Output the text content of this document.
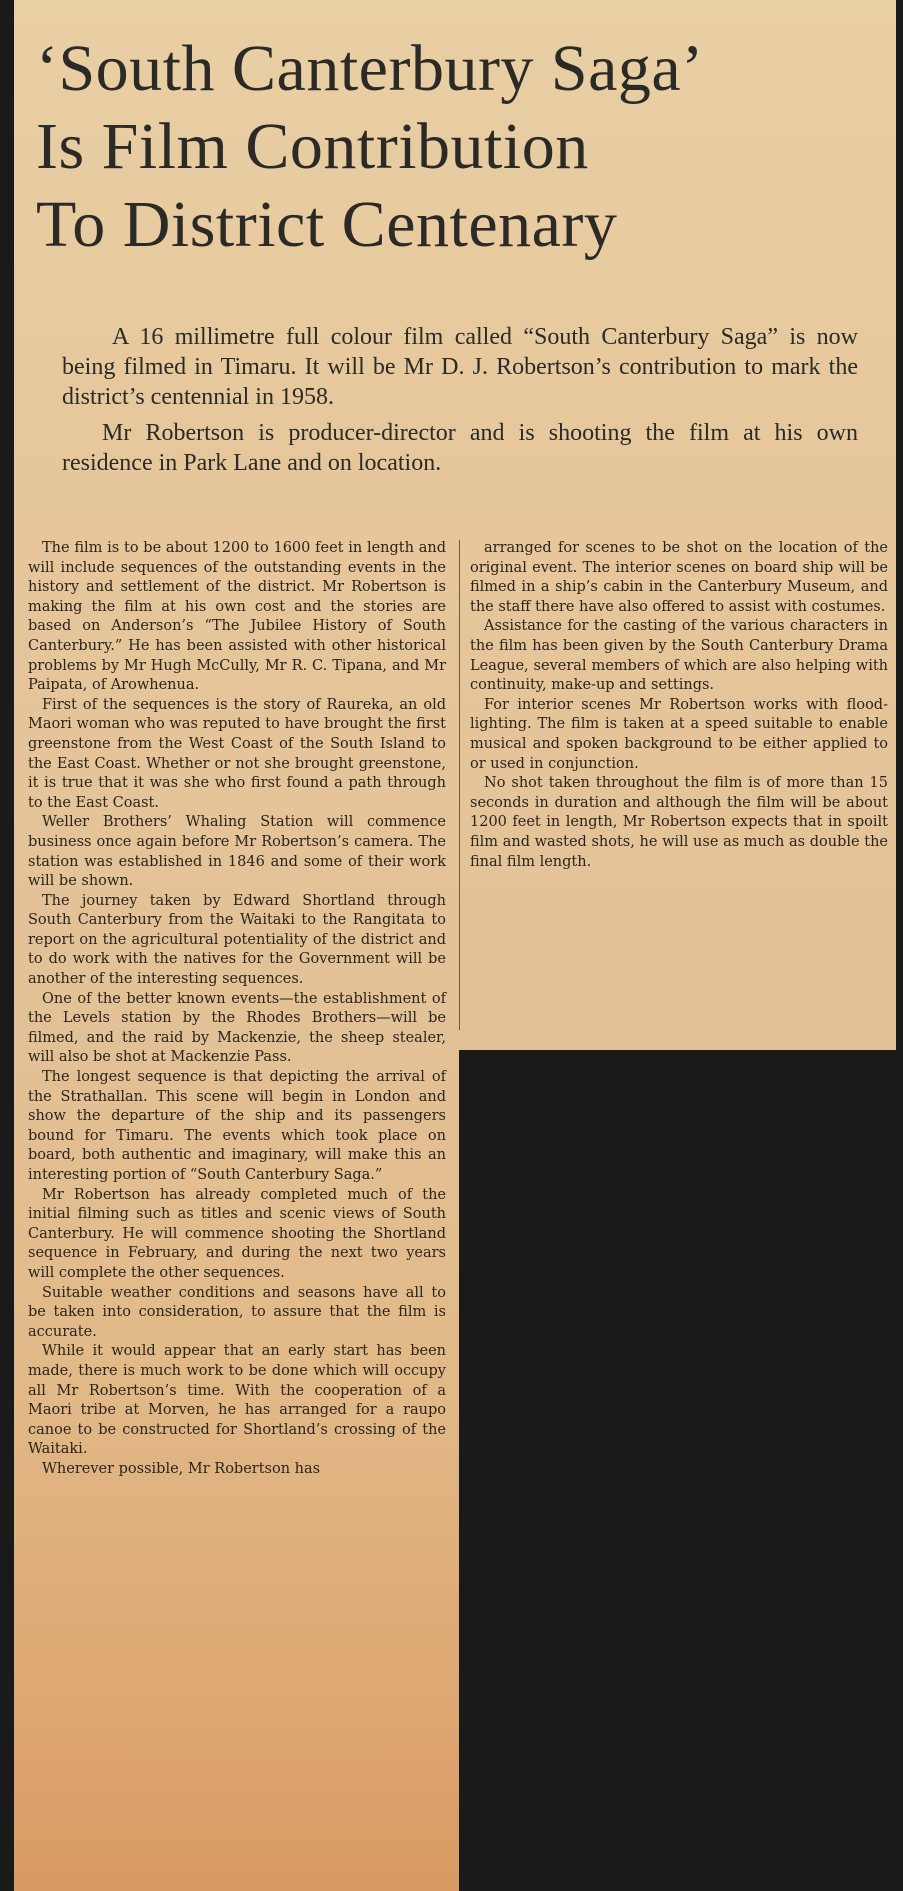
‘South Canterbury Saga’
Is Film Contribution
To District Centenary

A 16 millimetre full colour film called “South Canterbury Saga” is now being filmed in Timaru. It will be Mr D. J. Robertson’s contribution to mark the district’s centennial in 1958.

Mr Robertson is producer-director and is shooting the film at his own residence in Park Lane and on location.

The film is to be about 1200 to 1600 feet in length and will include sequences of the outstanding events in the history and settlement of the district. Mr Robertson is making the film at his own cost and the stories are based on Anderson’s “The Jubilee History of South Canterbury.” He has been assisted with other historical problems by Mr Hugh McCully, Mr R. C. Tipana, and Mr Paipata, of Arowhenua.

First of the sequences is the story of Raureka, an old Maori woman who was reputed to have brought the first greenstone from the West Coast of the South Island to the East Coast. Whether or not she brought greenstone, it is true that it was she who first found a path through to the East Coast.

Weller Brothers’ Whaling Station will commence business once again before Mr Robertson’s camera. The station was established in 1846 and some of their work will be shown.

The journey taken by Edward Shortland through South Canterbury from the Waitaki to the Rangitata to report on the agricultural potentiality of the district and to do work with the natives for the Government will be another of the interesting sequences.

One of the better known events—the establishment of the Levels station by the Rhodes Brothers—will be filmed, and the raid by Mackenzie, the sheep stealer, will also be shot at Mackenzie Pass.

The longest sequence is that depicting the arrival of the Strathallan. This scene will begin in London and show the departure of the ship and its passengers bound for Timaru. The events which took place on board, both authentic and imaginary, will make this an interesting portion of “South Canterbury Saga.”

Mr Robertson has already completed much of the initial filming such as titles and scenic views of South Canterbury. He will commence shooting the Shortland sequence in February, and during the next two years will complete the other sequences.

Suitable weather conditions and seasons have all to be taken into consideration, to assure that the film is accurate.

While it would appear that an early start has been made, there is much work to be done which will occupy all Mr Robertson’s time. With the cooperation of a Maori tribe at Morven, he has arranged for a raupo canoe to be constructed for Shortland’s crossing of the Waitaki.

Wherever possible, Mr Robertson has

arranged for scenes to be shot on the location of the original event. The interior scenes on board ship will be filmed in a ship’s cabin in the Canterbury Museum, and the staff there have also offered to assist with costumes.

Assistance for the casting of the various characters in the film has been given by the South Canterbury Drama League, several members of which are also helping with continuity, make-up and settings.

For interior scenes Mr Robertson works with flood-lighting. The film is taken at a speed suitable to enable musical and spoken background to be either applied to or used in conjunction.

No shot taken throughout the film is of more than 15 seconds in duration and although the film will be about 1200 feet in length, Mr Robertson expects that in spoilt film and wasted shots, he will use as much as double the final film length.
